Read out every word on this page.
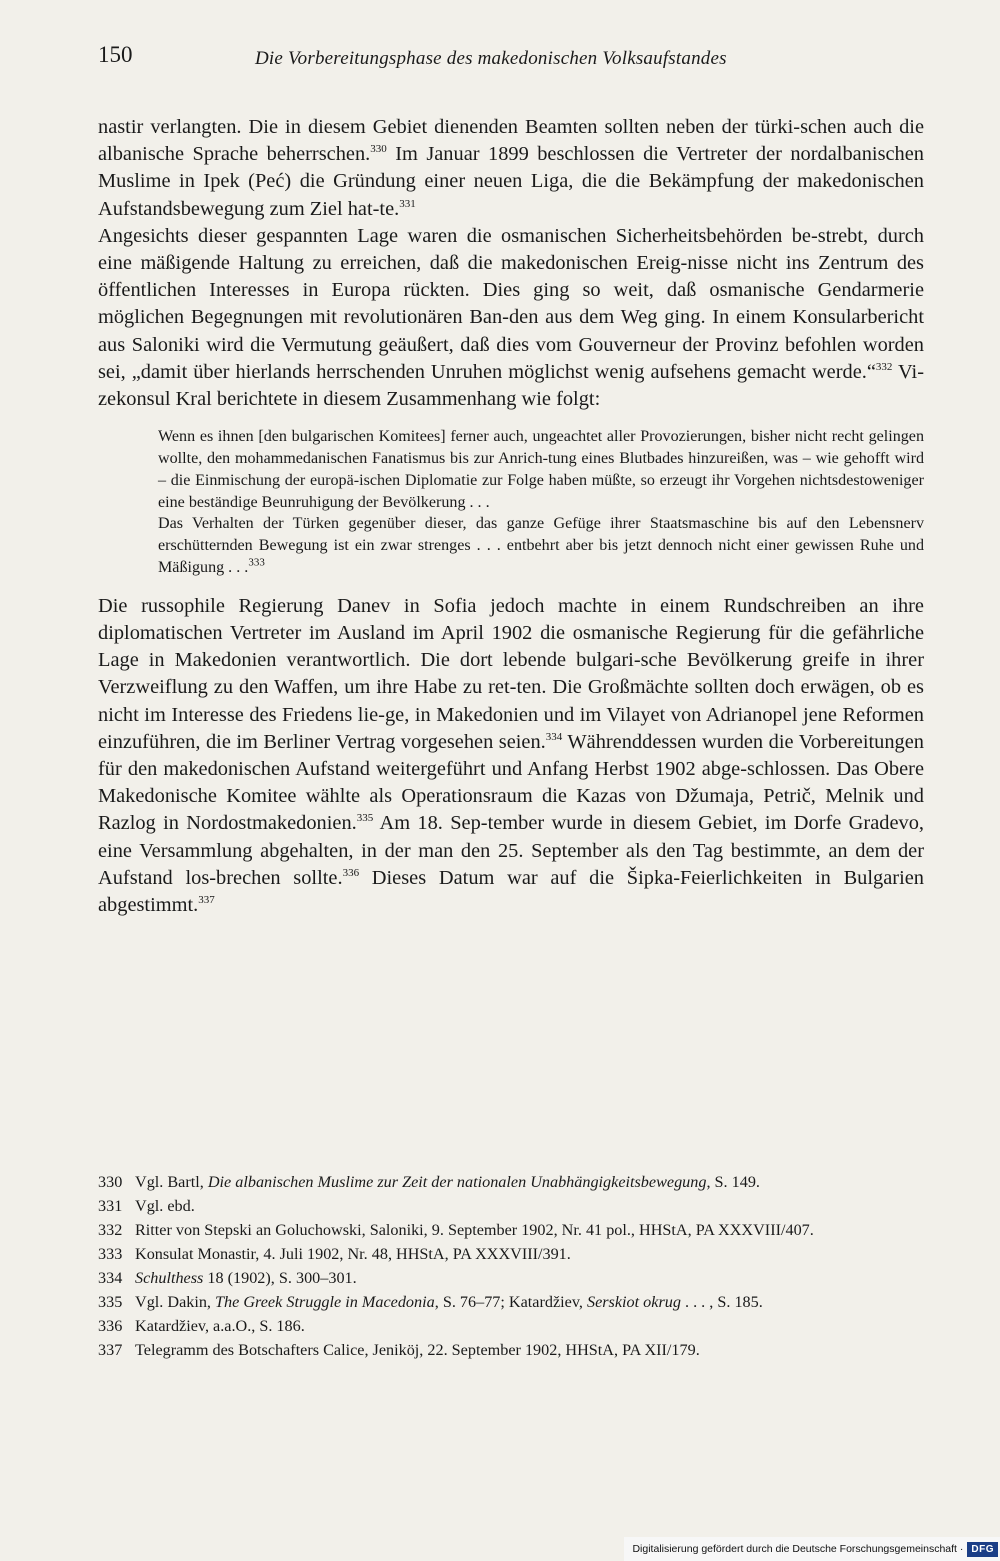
150	Die Vorbereitungsphase des makedonischen Volksaufstandes

nastir verlangten. Die in diesem Gebiet dienenden Beamten sollten neben der türki-schen auch die albanische Sprache beherrschen.$^{330}$ Im Januar 1899 beschlossen die Vertreter der nordalbanischen Muslime in Ipek (Peć) die Gründung einer neuen Liga, die die Bekämpfung der makedonischen Aufstandsbewegung zum Ziel hat-te.$^{331}$

Angesichts dieser gespannten Lage waren die osmanischen Sicherheitsbehörden be-strebt, durch eine mäßigende Haltung zu erreichen, daß die makedonischen Ereig-nisse nicht ins Zentrum des öffentlichen Interesses in Europa rückten. Dies ging so weit, daß osmanische Gendarmerie möglichen Begegnungen mit revolutionären Ban-den aus dem Weg ging. In einem Konsularbericht aus Saloniki wird die Vermutung geäußert, daß dies vom Gouverneur der Provinz befohlen worden sei, „damit über hierlands herrschenden Unruhen möglichst wenig aufsehens gemacht werde.“$^{332}$ Vi-zekonsul Kral berichtete in diesem Zusammenhang wie folgt:

Wenn es ihnen [den bulgarischen Komitees] ferner auch, ungeachtet aller Provozierungen, bisher nicht recht gelingen wollte, den mohammedanischen Fanatismus bis zur Anrich-tung eines Blutbades hinzureißen, was – wie gehofft wird – die Einmischung der europä-ischen Diplomatie zur Folge haben müßte, so erzeugt ihr Vorgehen nichtsdestoweniger eine beständige Beunruhigung der Bevölkerung . . .

Das Verhalten der Türken gegenüber dieser, das ganze Gefüge ihrer Staatsmaschine bis auf den Lebensnerv erschütternden Bewegung ist ein zwar strenges . . . entbehrt aber bis jetzt dennoch nicht einer gewissen Ruhe und Mäßigung . . .$^{333}$

Die russophile Regierung Danev in Sofia jedoch machte in einem Rundschreiben an ihre diplomatischen Vertreter im Ausland im April 1902 die osmanische Regierung für die gefährliche Lage in Makedonien verantwortlich. Die dort lebende bulgari-sche Bevölkerung greife in ihrer Verzweiflung zu den Waffen, um ihre Habe zu ret-ten. Die Großmächte sollten doch erwägen, ob es nicht im Interesse des Friedens lie-ge, in Makedonien und im Vilayet von Adrianopel jene Reformen einzuführen, die im Berliner Vertrag vorgesehen seien.$^{334}$ Währenddessen wurden die Vorbereitungen für den makedonischen Aufstand weitergeführt und Anfang Herbst 1902 abge-schlossen. Das Obere Makedonische Komitee wählte als Operationsraum die Kazas von Džumaja, Petrič, Melnik und Razlog in Nordostmakedonien.$^{335}$ Am 18. Sep-tember wurde in diesem Gebiet, im Dorfe Gradevo, eine Versammlung abgehalten, in der man den 25. September als den Tag bestimmte, an dem der Aufstand los-brechen sollte.$^{336}$ Dieses Datum war auf die Šipka-Feierlichkeiten in Bulgarien abgestimmt.$^{337}$

330 Vgl. Bartl, Die albanischen Muslime zur Zeit der nationalen Unabhängigkeitsbewegung, S. 149.
331 Vgl. ebd.
332 Ritter von Stepski an Goluchowski, Saloniki, 9. September 1902, Nr. 41 pol., HHStA, PA XXXVIII/407.
333 Konsulat Monastir, 4. Juli 1902, Nr. 48, HHStA, PA XXXVIII/391.
334 Schulthess 18 (1902), S. 300–301.
335 Vgl. Dakin, The Greek Struggle in Macedonia, S. 76–77; Katardžiev, Serskiot okrug . . . , S. 185.
336 Katardžiev, a.a.O., S. 186.
337 Telegramm des Botschafters Calice, Jeniköj, 22. September 1902, HHStA, PA XII/179.
Digitalisierung gefördert durch die Deutsche Forschungsgemeinschaft · DFG
